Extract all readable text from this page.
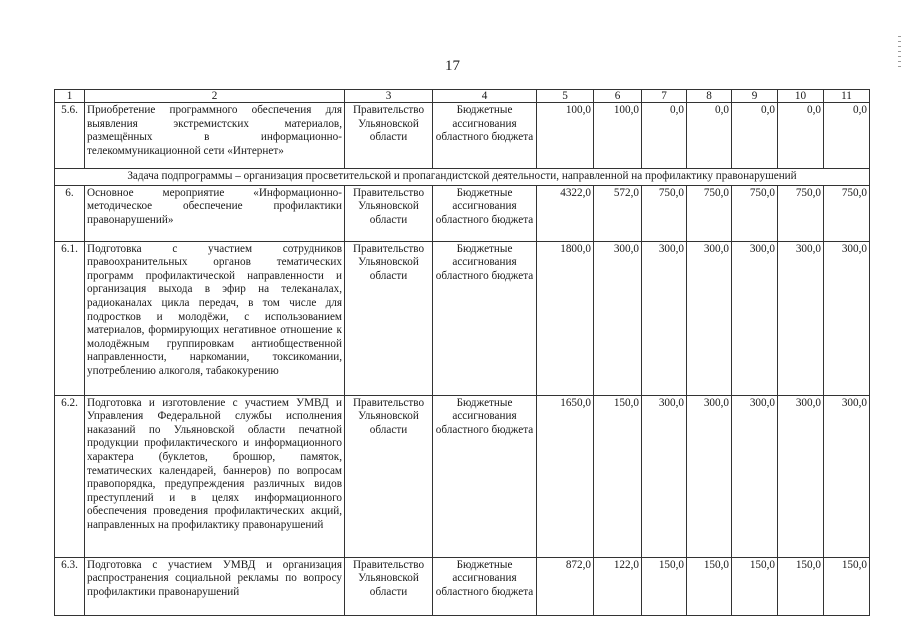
17
1	2	3	4	5	6	7	8	9	10	11
5.6.	Приобретение программного обеспечения для выявления экстремистских материалов, размещённых в информационно-телекоммуникационной сети «Интернет»	Правительство Ульяновской области	Бюджетные ассигнования областного бюджета	100,0	100,0	0,0	0,0	0,0	0,0	0,0
Задача подпрограммы – организация просветительской и пропагандистской деятельности, направленной на профилактику правонарушений										
6.	Основное мероприятие «Информационно-методическое обеспечение профилактики правонарушений»	Правительство Ульяновской области	Бюджетные ассигнования областного бюджета	4322,0	572,0	750,0	750,0	750,0	750,0	750,0
6.1.	Подготовка с участием сотрудников правоохранительных органов тематических программ профилактической направленности и организация выхода в эфир на телеканалах, радиоканалах цикла передач, в том числе для подростков и молодёжи, с использованием материалов, формирующих негативное отношение к молодёжным группировкам антиобщественной направленности, наркомании, токсикомании, употреблению алкоголя, табакокурению	Правительство Ульяновской области	Бюджетные ассигнования областного бюджета	1800,0	300,0	300,0	300,0	300,0	300,0	300,0
6.2.	Подготовка и изготовление с участием УМВД и Управления Федеральной службы исполнения наказаний по Ульяновской области печатной продукции профилактического и информационного характера (буклетов, брошюр, памяток, тематических календарей, баннеров) по вопросам правопорядка, предупреждения различных видов преступлений и в целях информационного обеспечения проведения профилактических акций, направленных на профилактику правонарушений	Правительство Ульяновской области	Бюджетные ассигнования областного бюджета	1650,0	150,0	300,0	300,0	300,0	300,0	300,0
6.3.	Подготовка с участием УМВД и организация распространения социальной рекламы по вопросу профилактики правонарушений	Правительство Ульяновской области	Бюджетные ассигнования областного бюджета	872,0	122,0	150,0	150,0	150,0	150,0	150,0
